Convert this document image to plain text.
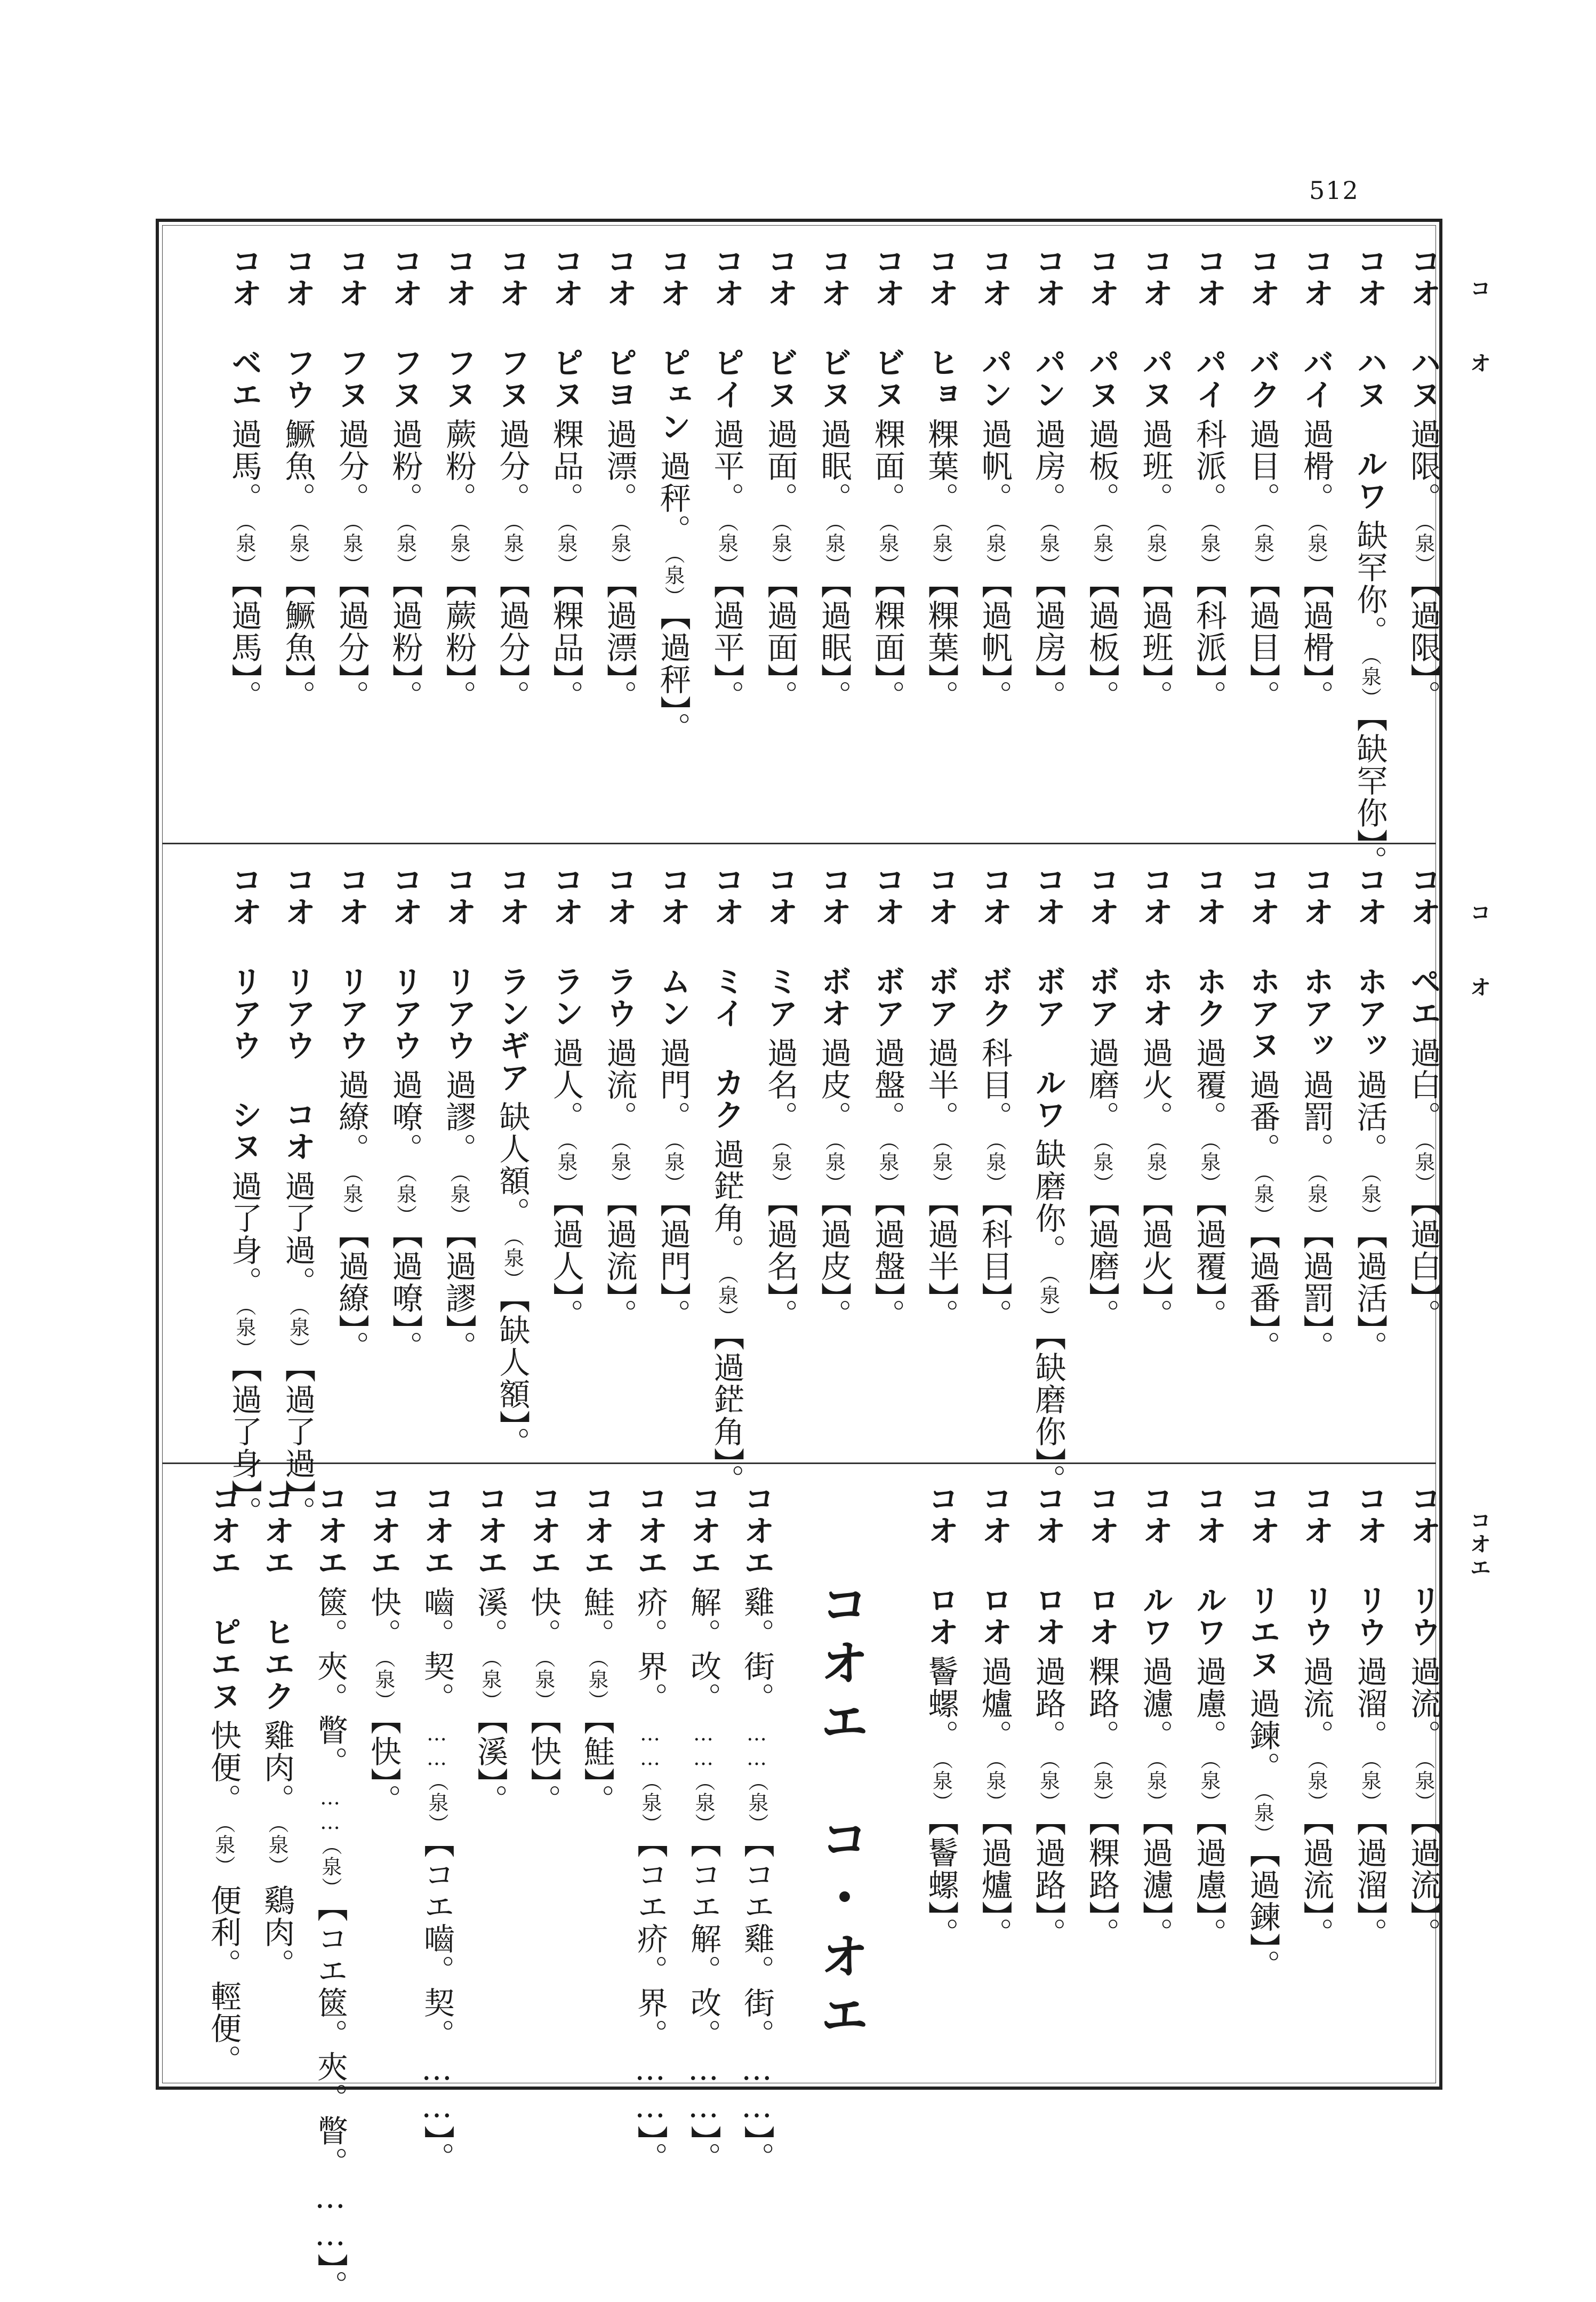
512
コ　オ
コ　オ
コオエ
コオ ハヌ過限。（泉）【過限】。
コオ ハヌ ルワ缺罕你。（泉）【缺罕你】。
コオ バイ過榾。（泉）【過榾】。
コオ バク過目。（泉）【過目】。
コオ パイ科派。（泉）【科派】。
コオ パヌ過班。（泉）【過班】。
コオ パヌ過板。（泉）【過板】。
コオ パン過房。（泉）【過房】。
コオ パン過帆。（泉）【過帆】。
コオ ヒョ粿葉。（泉）【粿葉】。
コオ ビヌ粿面。（泉）【粿面】。
コオ ビヌ過眠。（泉）【過眠】。
コオ ビヌ過面。（泉）【過面】。
コオ ピイ過平。（泉）【過平】。
コオ ピェン過秤。（泉）【過秤】。
コオ ピヨ過漂。（泉）【過漂】。
コオ ピヌ粿品。（泉）【粿品】。
コオ フヌ過分。（泉）【過分】。
コオ フヌ蕨粉。（泉）【蕨粉】。
コオ フヌ過粉。（泉）【過粉】。
コオ フヌ過分。（泉）【過分】。
コオ フウ鱖魚。（泉）【鱖魚】。
コオ ベエ過馬。（泉）【過馬】。
コオ ペエ過白。（泉）【過白】。
コオ ホアッ過活。（泉）【過活】。
コオ ホアッ過罰。（泉）【過罰】。
コオ ホアヌ過番。（泉）【過番】。
コオ ホク過覆。（泉）【過覆】。
コオ ホオ過火。（泉）【過火】。
コオ ボア過磨。（泉）【過磨】。
コオ ボア ルワ缺磨你。（泉）【缺磨你】。
コオ ボク科目。（泉）【科目】。
コオ ボア過半。（泉）【過半】。
コオ ボア過盤。（泉）【過盤】。
コオ ボオ過皮。（泉）【過皮】。
コオ ミア過名。（泉）【過名】。
コオ ミイ カク過鋩角。（泉）【過鋩角】。
コオ ムン過門。（泉）【過門】。
コオ ラウ過流。（泉）【過流】。
コオ ラン過人。（泉）【過人】。
コオ ランギア缺人額。（泉）【缺人額】。
コオ リアウ過謬。（泉）【過謬】。
コオ リアウ過嘹。（泉）【過嘹】。
コオ リアウ過繚。（泉）【過繚】。
コオ リアウ コオ過了過。（泉）【過了過】。
コオ リアウ シヌ過了身。（泉）【過了身】。
コオ リウ過流。（泉）【過流】。
コオ リウ過溜。（泉）【過溜】。
コオ リウ過流。（泉）【過流】。
コオ リエヌ過鍊。（泉）【過鍊】。
コオ ルワ過慮。（泉）【過慮】。
コオ ルワ過濾。（泉）【過濾】。
コオ ロオ粿路。（泉）【粿路】。
コオ ロオ過路。（泉）【過路】。
コオ ロオ過爐。（泉）【過爐】。
コオ ロオ鬠螺。（泉）【鬠螺】。
コオエ　コ・オエ
コオエ雞。街。……（泉）【コエ雞。街。……】。
コオエ解。改。……（泉）【コエ解。改。……】。
コオエ疥。界。……（泉）【コエ疥。界。……】。
コオエ鮭。（泉）【鮭】。
コオエ快。（泉）【快】。
コオエ溪。（泉）【溪】。
コオエ嚙。契。……（泉）【コエ嚙。契。……】。
コオエ快。（泉）【快】。
コオエ篋。夾。瞥。……（泉）【コエ篋。夾。瞥。……】。
コオエ ヒエク雞肉。（泉）鷄肉。
コオエ ピエヌ快便。（泉）便利。輕便。
